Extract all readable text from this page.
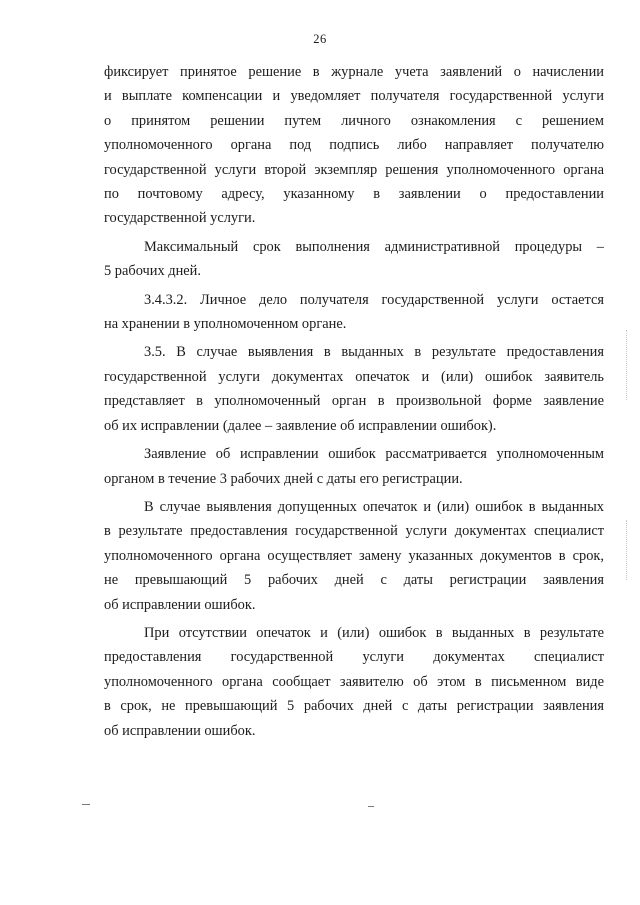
26
фиксирует принятое решение в журнале учета заявлений о начислении
и выплате компенсации и уведомляет получателя государственной услуги
о принятом решении путем личного ознакомления с решением
уполномоченного органа под подпись либо направляет получателю
государственной услуги второй экземпляр решения уполномоченного органа
по почтовому адресу, указанному в заявлении о предоставлении
государственной услуги.
Максимальный срок выполнения административной процедуры –
5 рабочих дней.
3.4.3.2. Личное дело получателя государственной услуги остается
на хранении в уполномоченном органе.
3.5. В случае выявления в выданных в результате предоставления
государственной услуги документах опечаток и (или) ошибок заявитель
представляет в уполномоченный орган в произвольной форме заявление
об их исправлении (далее – заявление об исправлении ошибок).
Заявление об исправлении ошибок рассматривается уполномоченным
органом в течение 3 рабочих дней с даты его регистрации.
В случае выявления допущенных опечаток и (или) ошибок в выданных
в результате предоставления государственной услуги документах специалист
уполномоченного органа осуществляет замену указанных документов в срок,
не превышающий 5 рабочих дней с даты регистрации заявления
об исправлении ошибок.
При отсутствии опечаток и (или) ошибок в выданных в результате
предоставления государственной услуги документах специалист
уполномоченного органа сообщает заявителю об этом в письменном виде
в срок, не превышающий 5 рабочих дней с даты регистрации заявления
об исправлении ошибок.
